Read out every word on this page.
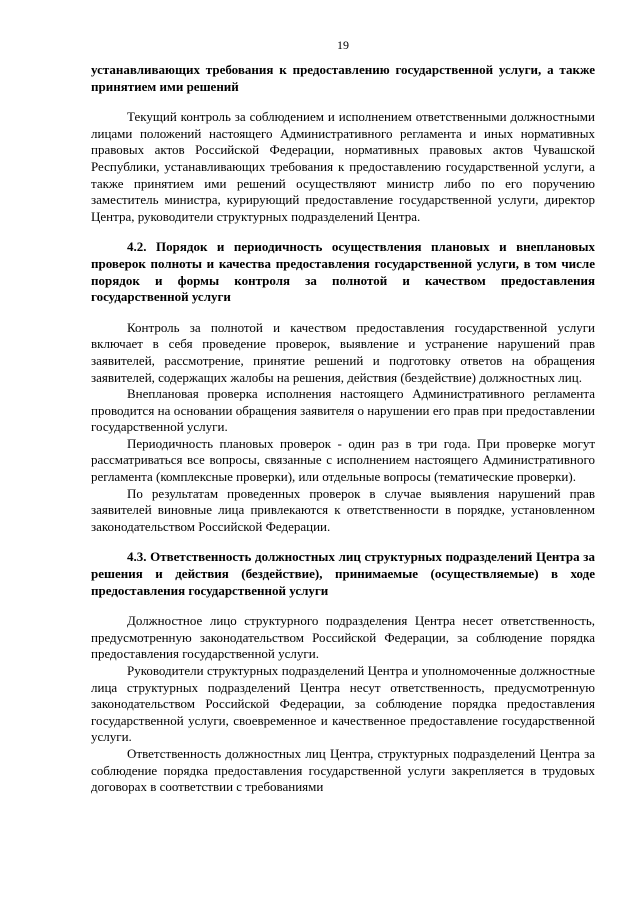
19

устанавливающих требования к предоставлению государственной услуги, а также принятием ими решений

Текущий контроль за соблюдением и исполнением ответственными должностными лицами положений настоящего Административного регламента и иных нормативных правовых актов Российской Федерации, нормативных правовых актов Чувашской Республики, устанавливающих требования к предоставлению государственной услуги, а также принятием ими решений осуществляют министр либо по его поручению заместитель министра, курирующий предоставление государственной услуги, директор Центра, руководители структурных подразделений Центра.

4.2. Порядок и периодичность осуществления плановых и внеплановых проверок полноты и качества предоставления государственной услуги, в том числе порядок и формы контроля за полнотой и качеством предоставления государственной услуги

Контроль за полнотой и качеством предоставления государственной услуги включает в себя проведение проверок, выявление и устранение нарушений прав заявителей, рассмотрение, принятие решений и подготовку ответов на обращения заявителей, содержащих жалобы на решения, действия (бездействие) должностных лиц.

Внеплановая проверка исполнения настоящего Административного регламента проводится на основании обращения заявителя о нарушении его прав при предоставлении государственной услуги.

Периодичность плановых проверок - один раз в три года. При проверке могут рассматриваться все вопросы, связанные с исполнением настоящего Административного регламента (комплексные проверки), или отдельные вопросы (тематические проверки).

По результатам проведенных проверок в случае выявления нарушений прав заявителей виновные лица привлекаются к ответственности в порядке, установленном законодательством Российской Федерации.

4.3. Ответственность должностных лиц структурных подразделений Центра за решения и действия (бездействие), принимаемые (осуществляемые) в ходе предоставления государственной услуги

Должностное лицо структурного подразделения Центра несет ответственность, предусмотренную законодательством Российской Федерации, за соблюдение порядка предоставления государственной услуги.

Руководители структурных подразделений Центра и уполномоченные должностные лица структурных подразделений Центра несут ответственность, предусмотренную законодательством Российской Федерации, за соблюдение порядка предоставления государственной услуги, своевременное и качественное предоставление государственной услуги.

Ответственность должностных лиц Центра, структурных подразделений Центра за соблюдение порядка предоставления государственной услуги закрепляется в трудовых договорах в соответствии с требованиями
